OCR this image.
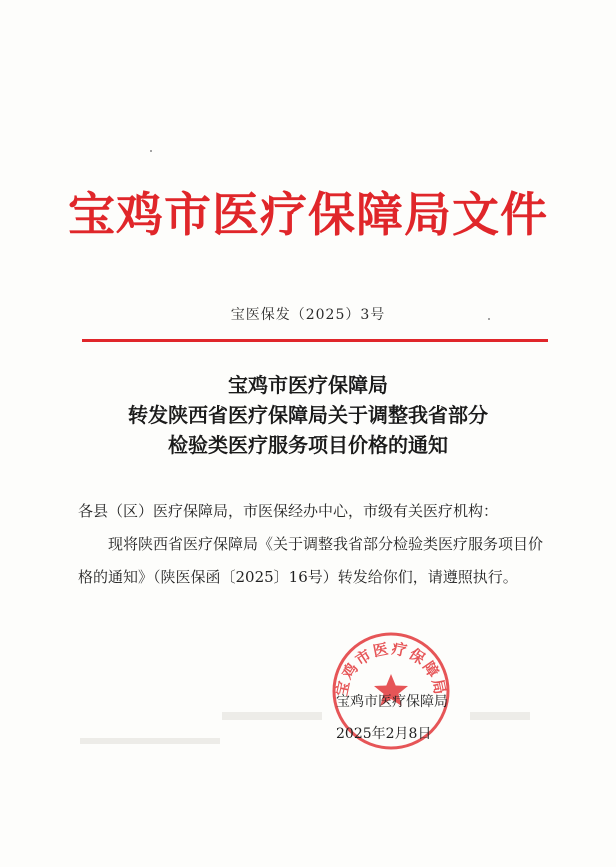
宝鸡市医疗保障局文件
宝医保发（2025）3号
宝鸡市医疗保障局
转发陕西省医疗保障局关于调整我省部分
检验类医疗服务项目价格的通知

各县（区）医疗保障局，市医保经办中心，市级有关医疗机构：

现将陕西省医疗保障局《关于调整我省部分检验类医疗服务项目价格的通知》（陕医保函〔2025〕16号）转发给你们，请遵照执行。

宝鸡市医疗保障局
宝鸡市医疗保障局
2025年2月8日
